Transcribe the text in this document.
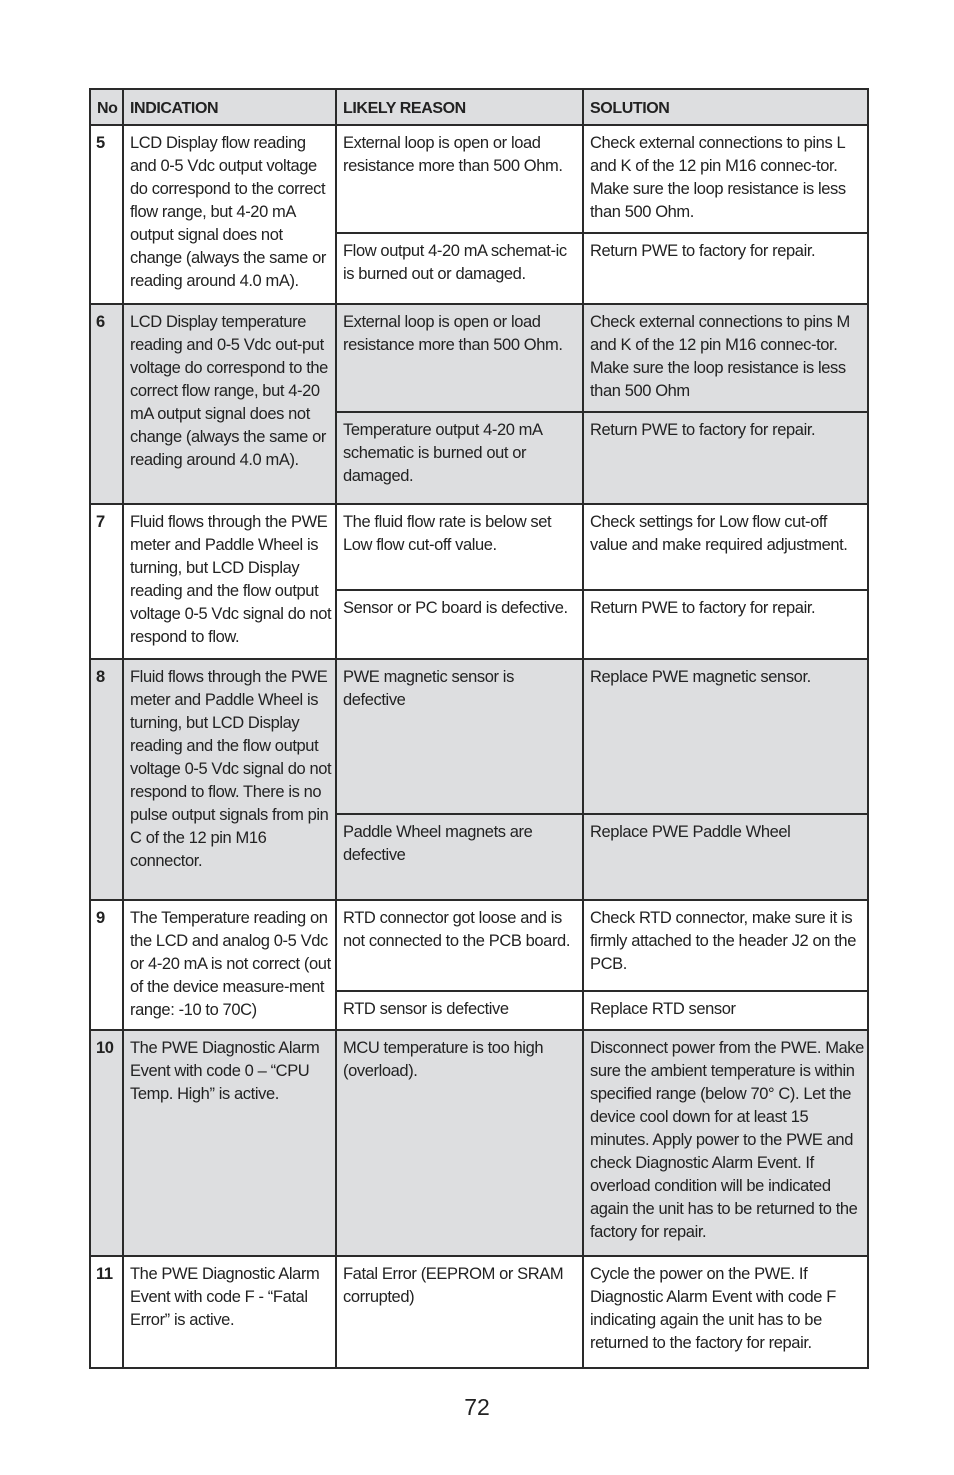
No	INDICATION	LIKELY REASON	SOLUTION
5	LCD Display flow reading and 0-5 Vdc output voltage do correspond to the correct flow range, but 4-20 mA output signal does not change (always the same or reading around 4.0 mA).	External loop is open or load resistance more than 500 Ohm.	Check external connections to pins L and K of the 12 pin M16 connec-tor. Make sure the loop resistance is less than 500 Ohm.
		Flow output 4-20 mA schemat-ic is burned out or damaged.	Return PWE to factory for repair.
6	LCD Display temperature reading and 0-5 Vdc out-put voltage do correspond to the correct flow range, but 4-20 mA output signal does not change (always the same or reading around 4.0 mA).	External loop is open or load resistance more than 500 Ohm.	Check external connections to pins M and K of the 12 pin M16 connec-tor. Make sure the loop resistance is less than 500 Ohm
		Temperature output 4-20 mA schematic is burned out or damaged.	Return PWE to factory for repair.
7	Fluid flows through the PWE meter and Paddle Wheel is turning, but LCD Display reading and the flow output voltage 0-5 Vdc signal do not respond to flow.	The fluid flow rate is below set Low flow cut-off value.	Check settings for Low flow cut-off value and make required adjustment.
		Sensor or PC board is defective.	Return PWE to factory for repair.
8	Fluid flows through the PWE meter and Paddle Wheel is turning, but LCD Display reading and the flow output voltage 0-5 Vdc signal do not respond to flow. There is no pulse output signals from pin C of the 12 pin M16 connector.	PWE magnetic sensor is defective	Replace PWE magnetic sensor.
		Paddle Wheel magnets are defective	Replace PWE Paddle Wheel
9	The Temperature reading on the LCD and analog 0-5 Vdc or 4-20 mA is not correct (out of the device measure-ment range: -10 to 70C)	RTD connector got loose and is not connected to the PCB board.	Check RTD connector, make sure it is firmly attached to the header J2 on the PCB.
		RTD sensor is defective	Replace RTD sensor
10	The PWE Diagnostic Alarm Event with code 0 – “CPU Temp. High” is active.	MCU temperature is too high (overload).	Disconnect power from the PWE. Make sure the ambient temperature is within specified range (below 70° C). Let the device cool down for at least 15 minutes. Apply power to the PWE and check Diagnostic Alarm Event. If overload condition will be indicated again the unit has to be returned to the factory for repair.
11	The PWE Diagnostic Alarm Event with code F - “Fatal Error” is active.	Fatal Error (EEPROM or SRAM corrupted)	Cycle the power on the PWE. If Diagnostic Alarm Event with code F indicating again the unit has to be returned to the factory for repair.
72
